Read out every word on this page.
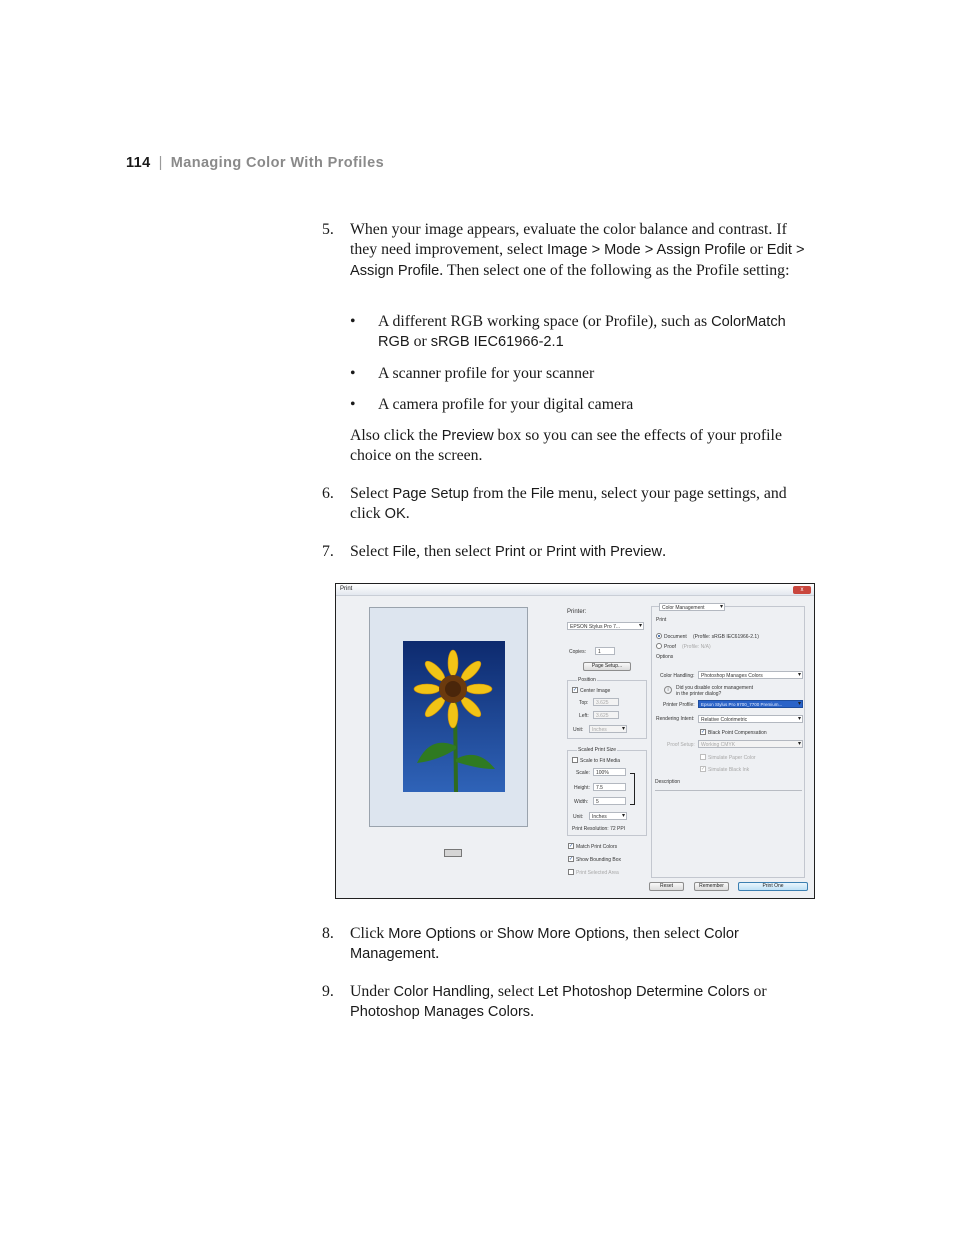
114 | Managing Color With Profiles
5. When your image appears, evaluate the color balance and contrast. If they need improvement, select Image > Mode > Assign Profile or Edit > Assign Profile. Then select one of the following as the Profile setting:
• A different RGB working space (or Profile), such as ColorMatch RGB or sRGB IEC61966-2.1
• A scanner profile for your scanner
• A camera profile for your digital camera
Also click the Preview box so you can see the effects of your profile choice on the screen.
6. Select Page Setup from the File menu, select your page settings, and click OK.
7. Select File, then select Print or Print with Preview.
Print	x
Printer:
EPSON Stylus Pro 7...
▾
Copies: 1
Page Setup...
Position
✓ Center Image
Top: 3.625
Left: 3.625
Unit: Inches
▾
Scaled Print Size
Scale to Fit Media
Scale: 100%
Height: 7.5
Width: 5
Unit: Inches
▾
Print Resolution: 72 PPI
✓ Match Print Colors
✓ Show Bounding Box
Print Selected Area
Color Management
▾
Print
Document (Profile: sRGB IEC61966-2.1)
Proof (Profile: N/A)
Options
Color Handling: Photoshop Manages Colors
▾
i	Did you disable color management
in the printer dialog?
Printer Profile: Epson Stylus Pro 9700_7700 Premium...
▾
Rendering Intent: Relative Colorimetric
▾
✓ Black Point Compensation
Proof Setup: Working CMYK
▾
Simulate Paper Color
✓ Simulate Black Ink
Description
Reset	Remember	Print One
8. Click More Options or Show More Options, then select Color Management.
9. Under Color Handling, select Let Photoshop Determine Colors or Photoshop Manages Colors.
